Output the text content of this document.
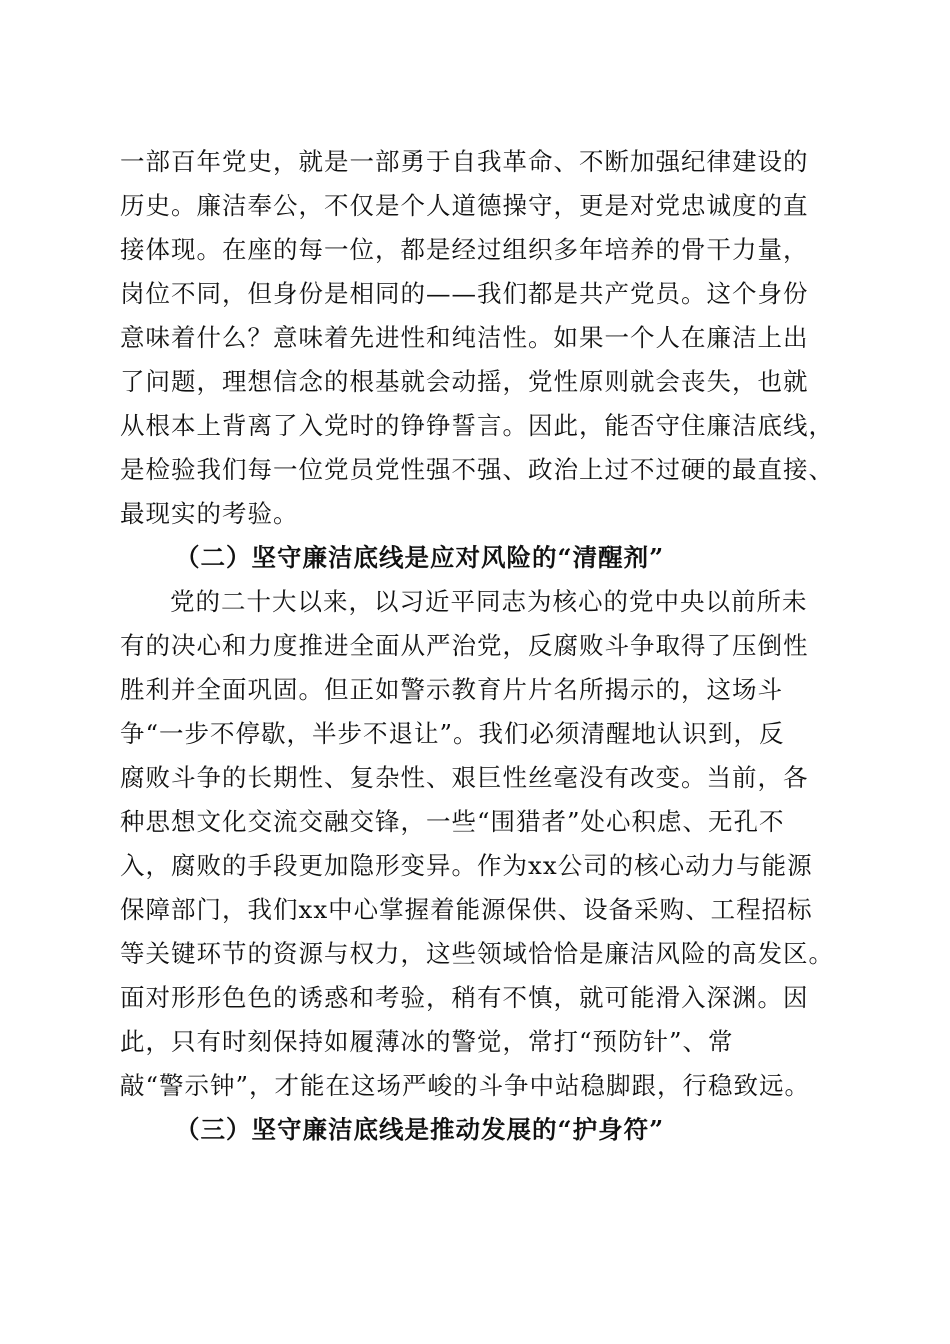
一部百年党史，就是一部勇于自我革命、不断加强纪律建设的
历史。廉洁奉公，不仅是个人道德操守，更是对党忠诚度的直
接体现。在座的每一位，都是经过组织多年培养的骨干力量，
岗位不同，但身份是相同的——我们都是共产党员。这个身份
意味着什么？意味着先进性和纯洁性。如果一个人在廉洁上出
了问题，理想信念的根基就会动摇，党性原则就会丧失，也就
从根本上背离了入党时的铮铮誓言。因此，能否守住廉洁底线，
是检验我们每一位党员党性强不强、政治上过不过硬的最直接、
最现实的考验。
（二）坚守廉洁底线是应对风险的“清醒剂”
党的二十大以来，以习近平同志为核心的党中央以前所未
有的决心和力度推进全面从严治党，反腐败斗争取得了压倒性
胜利并全面巩固。但正如警示教育片片名所揭示的，这场斗
争“一步不停歇，半步不退让”。我们必须清醒地认识到，反
腐败斗争的长期性、复杂性、艰巨性丝毫没有改变。当前，各
种思想文化交流交融交锋，一些“围猎者”处心积虑、无孔不
入，腐败的手段更加隐形变异。作为xx公司的核心动力与能源
保障部门，我们xx中心掌握着能源保供、设备采购、工程招标
等关键环节的资源与权力，这些领域恰恰是廉洁风险的高发区。
面对形形色色的诱惑和考验，稍有不慎，就可能滑入深渊。因
此，只有时刻保持如履薄冰的警觉，常打“预防针”、常
敲“警示钟”，才能在这场严峻的斗争中站稳脚跟，行稳致远。
（三）坚守廉洁底线是推动发展的“护身符”
